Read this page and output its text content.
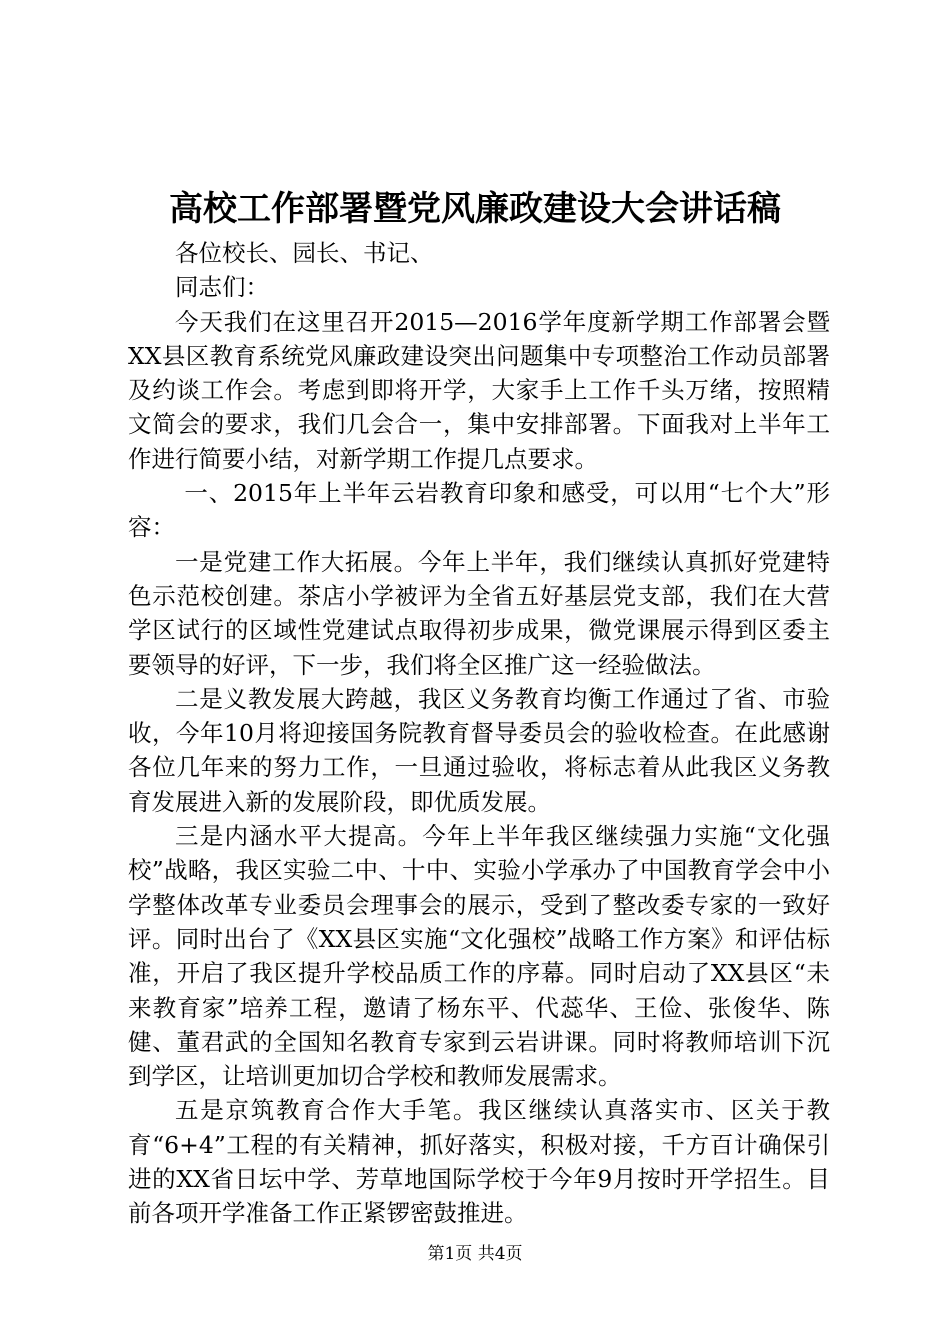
高校工作部署暨党风廉政建设大会讲话稿

各位校长、园长、书记、

同志们：

今天我们在这里召开2015—2016学年度新学期工作部署会暨XX县区教育系统党风廉政建设突出问题集中专项整治工作动员部署及约谈工作会。考虑到即将开学，大家手上工作千头万绪，按照精文简会的要求，我们几会合一，集中安排部署。下面我对上半年工作进行简要小结，对新学期工作提几点要求。

一、2015年上半年云岩教育印象和感受，可以用“七个大”形容：

一是党建工作大拓展。今年上半年，我们继续认真抓好党建特色示范校创建。茶店小学被评为全省五好基层党支部，我们在大营学区试行的区域性党建试点取得初步成果，微党课展示得到区委主要领导的好评，下一步，我们将全区推广这一经验做法。

二是义教发展大跨越，我区义务教育均衡工作通过了省、市验收，今年10月将迎接国务院教育督导委员会的验收检查。在此感谢各位几年来的努力工作，一旦通过验收，将标志着从此我区义务教育发展进入新的发展阶段，即优质发展。

三是内涵水平大提高。今年上半年我区继续强力实施“文化强校”战略，我区实验二中、十中、实验小学承办了中国教育学会中小学整体改革专业委员会理事会的展示，受到了整改委专家的一致好评。同时出台了《XX县区实施“文化强校”战略工作方案》和评估标准，开启了我区提升学校品质工作的序幕。同时启动了XX县区“未来教育家”培养工程，邀请了杨东平、代蕊华、王俭、张俊华、陈健、董君武的全国知名教育专家到云岩讲课。同时将教师培训下沉到学区，让培训更加切合学校和教师发展需求。

五是京筑教育合作大手笔。我区继续认真落实市、区关于教育“6+4”工程的有关精神，抓好落实，积极对接，千方百计确保引进的XX省日坛中学、芳草地国际学校于今年9月按时开学招生。目前各项开学准备工作正紧锣密鼓推进。

第1页 共4页
